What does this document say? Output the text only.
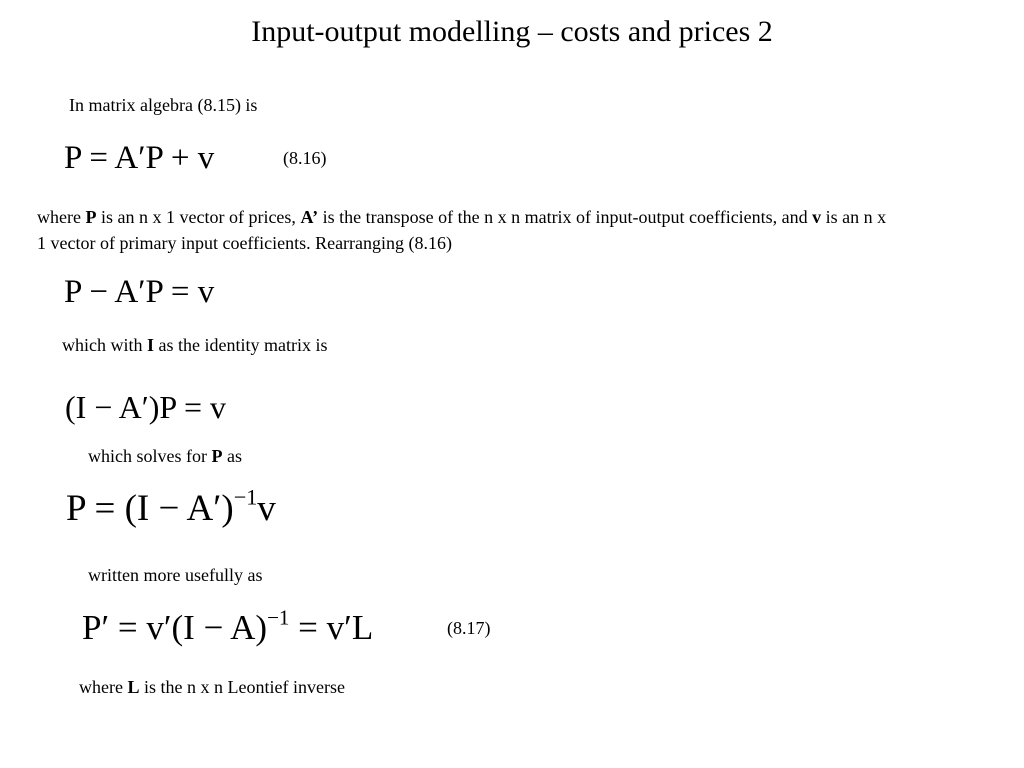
Input-output modelling – costs and prices 2
In matrix algebra (8.15) is
P = A′P + v	(8.16)
where P is an n x 1 vector of prices, A’ is the transpose of the n x n matrix of input-output coefficients, and v is an n x 1 vector of primary input coefficients. Rearranging (8.16)
P − A′P = v
which with I as the identity matrix is
(I − A′)P = v
which solves for P as
$P = (I - A')^{-1}v$
written more usefully as
$P' = v'(I - A)^{-1} = v'L$	(8.17)
where L is the n x n Leontief inverse
